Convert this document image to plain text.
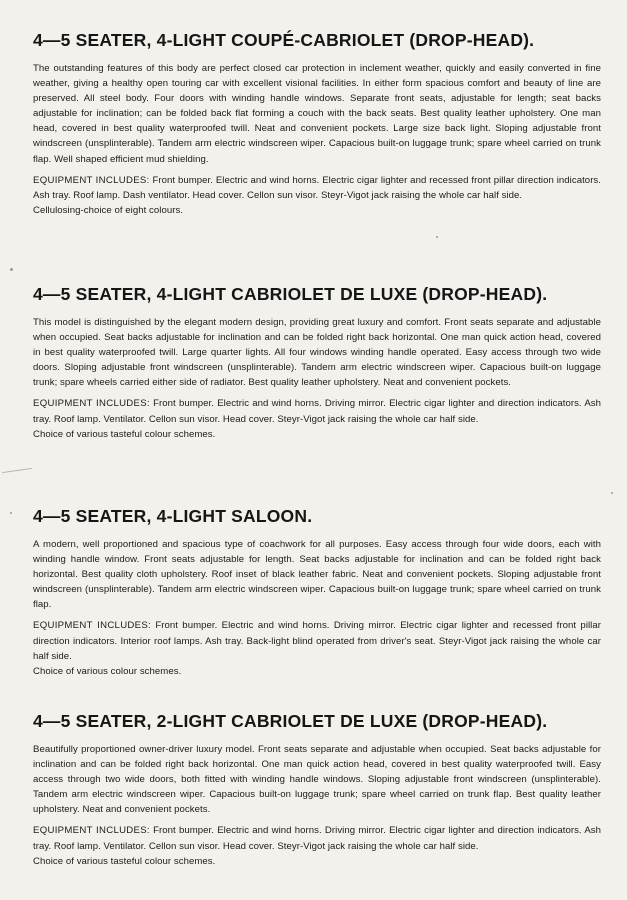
4—5 SEATER, 4-LIGHT COUPÉ-CABRIOLET (DROP-HEAD).

The outstanding features of this body are perfect closed car protection in inclement weather, quickly and easily converted in fine weather, giving a healthy open touring car with excellent visional facilities. In either form spacious comfort and beauty of line are preserved. All steel body. Four doors with winding handle windows. Separate front seats, adjustable for length; seat backs adjustable for inclination; can be folded back flat forming a couch with the back seats. Best quality leather upholstery. One man head, covered in best quality waterproofed twill. Neat and convenient pockets. Large size back light. Sloping adjustable front windscreen (unsplinterable). Tandem arm electric windscreen wiper. Capacious built-on luggage trunk; spare wheel carried on trunk flap. Well shaped efficient mud shielding.

EQUIPMENT INCLUDES: Front bumper. Electric and wind horns. Electric cigar lighter and recessed front pillar direction indicators. Ash tray. Roof lamp. Dash ventilator. Head cover. Cellon sun visor. Steyr-Vigot jack raising the whole car half side.

Cellulosing-choice of eight colours.

4—5 SEATER, 4-LIGHT CABRIOLET DE LUXE (DROP-HEAD).

This model is distinguished by the elegant modern design, providing great luxury and comfort. Front seats separate and adjustable when occupied. Seat backs adjustable for inclination and can be folded right back horizontal. One man quick action head, covered in best quality waterproofed twill. Large quarter lights. All four windows winding handle operated. Easy access through two wide doors. Sloping adjustable front windscreen (unsplinterable). Tandem arm electric windscreen wiper. Capacious built-on luggage trunk; spare wheels carried either side of radiator. Best quality leather upholstery. Neat and convenient pockets.

EQUIPMENT INCLUDES: Front bumper. Electric and wind horns. Driving mirror. Electric cigar lighter and direction indicators. Ash tray. Roof lamp. Ventilator. Cellon sun visor. Head cover. Steyr-Vigot jack raising the whole car half side.

Choice of various tasteful colour schemes.

4—5 SEATER, 4-LIGHT SALOON.

A modern, well proportioned and spacious type of coachwork for all purposes. Easy access through four wide doors, each with winding handle window. Front seats adjustable for length. Seat backs adjustable for inclination and can be folded right back horizontal. Best quality cloth upholstery. Roof inset of black leather fabric. Neat and convenient pockets. Sloping adjustable front windscreen (unsplinterable). Tandem arm electric windscreen wiper. Capacious built-on luggage trunk; spare wheel carried on trunk flap.

EQUIPMENT INCLUDES: Front bumper. Electric and wind horns. Driving mirror. Electric cigar lighter and recessed front pillar direction indicators. Interior roof lamps. Ash tray. Back-light blind operated from driver's seat. Steyr-Vigot jack raising the whole car half side.

Choice of various colour schemes.

4—5 SEATER, 2-LIGHT CABRIOLET DE LUXE (DROP-HEAD).

Beautifully proportioned owner-driver luxury model. Front seats separate and adjustable when occupied. Seat backs adjustable for inclination and can be folded right back horizontal. One man quick action head, covered in best quality waterproofed twill. Easy access through two wide doors, both fitted with winding handle windows. Sloping adjustable front windscreen (unsplinterable). Tandem arm electric windscreen wiper. Capacious built-on luggage trunk; spare wheel carried on trunk flap. Best quality leather upholstery. Neat and convenient pockets.

EQUIPMENT INCLUDES: Front bumper. Electric and wind horns. Driving mirror. Electric cigar lighter and direction indicators. Ash tray. Roof lamp. Ventilator. Cellon sun visor. Head cover. Steyr-Vigot jack raising the whole car half side.

Choice of various tasteful colour schemes.
